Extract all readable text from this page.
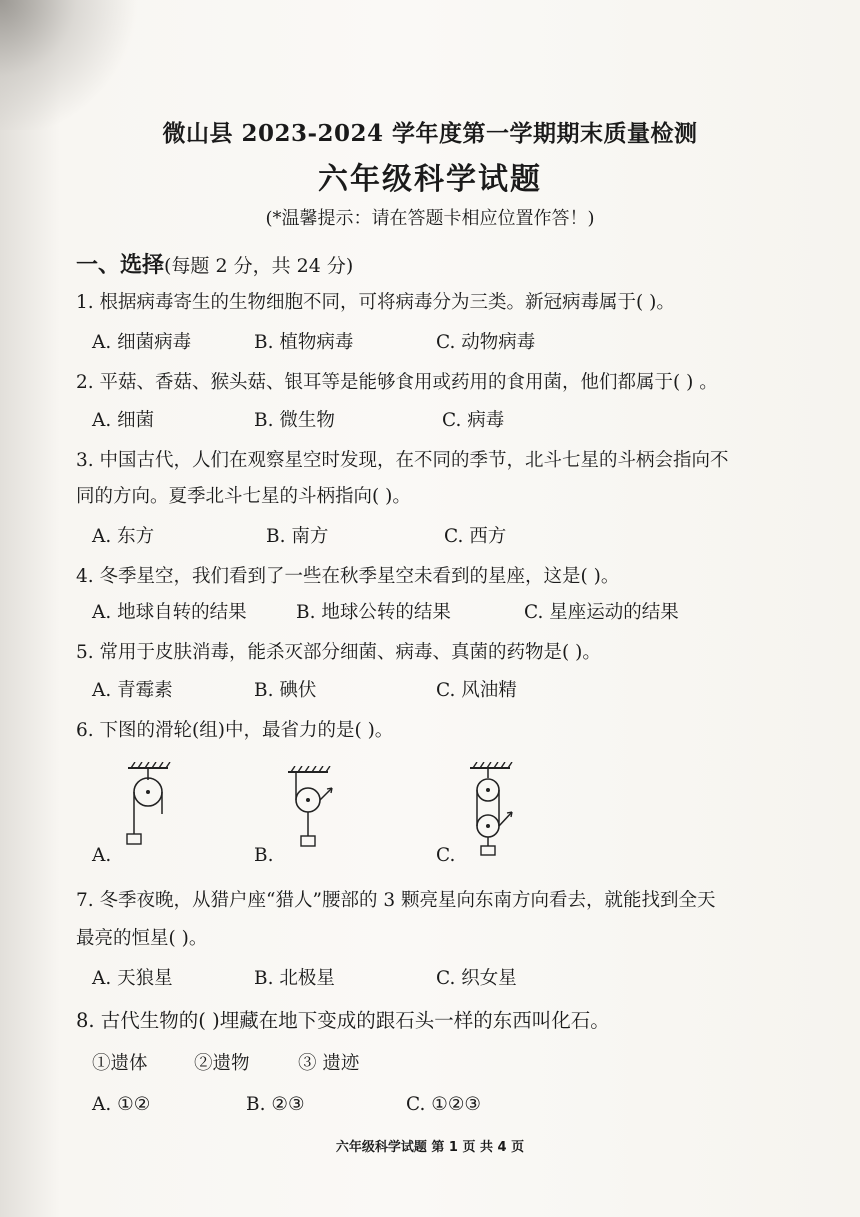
微山县 2023-2024 学年度第一学期期末质量检测
六年级科学试题
(*温馨提示：请在答题卡相应位置作答！)
一、选择(每题 2 分，共 24 分)
1. 根据病毒寄生的生物细胞不同，可将病毒分为三类。新冠病毒属于( )。
A. 细菌病毒	B. 植物病毒	C. 动物病毒
2. 平菇、香菇、猴头菇、银耳等是能够食用或药用的食用菌，他们都属于( ) 。
A. 细菌	B. 微生物	C. 病毒
3. 中国古代，人们在观察星空时发现，在不同的季节，北斗七星的斗柄会指向不
同的方向。夏季北斗七星的斗柄指向( )。
A. 东方	B. 南方	C. 西方
4. 冬季星空，我们看到了一些在秋季星空未看到的星座，这是( )。
A. 地球自转的结果	B. 地球公转的结果	C. 星座运动的结果
5. 常用于皮肤消毒，能杀灭部分细菌、病毒、真菌的药物是( )。
A. 青霉素	B. 碘伏	C. 风油精
6. 下图的滑轮(组)中，最省力的是( )。
A.	B.	C.
7. 冬季夜晚，从猎户座“猎人”腰部的 3 颗亮星向东南方向看去，就能找到全天
最亮的恒星( )。
A. 天狼星	B. 北极星	C. 织女星
8. 古代生物的( )埋藏在地下变成的跟石头一样的东西叫化石。
①遗体	②遗物	③ 遗迹
A. ①②	B. ②③	C. ①②③
六年级科学试题 第 1 页 共 4 页
